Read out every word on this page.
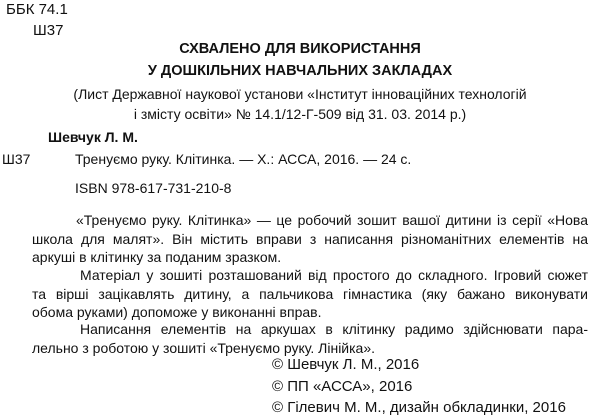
ББК 74.1
Ш37
СХВАЛЕНО ДЛЯ ВИКОРИСТАННЯ
У ДОШКІЛЬНИХ НАВЧАЛЬНИХ ЗАКЛАДАХ
(Лист Державної наукової установи «Інститут інноваційних технологій
і змісту освіти» № 14.1/12-Г-509 від 31. 03. 2014 р.)
Шевчук Л. М.
Ш37	Тренуємо руку. Клітинка. — Х.: АССА, 2016. — 24 с.
ISBN 978-617-731-210-8
«Тренуємо руку. Клітинка» — це робочий зошит вашої дитини із серії «Нова
школа для малят». Він містить вправи з написання різноманітних елементів на
аркуші в клітинку за поданим зразком.
Матеріал у зошиті розташований від простого до складного. Ігровий сюжет
та вірші зацікавлять дитину, а пальчикова гімнастика (яку бажано виконувати
обома руками) допоможе у виконанні вправ.
Написання елементів на аркушах в клітинку радимо здійснювати пара-
лельно з роботою у зошиті «Тренуємо руку. Лінійка».
© Шевчук Л. М., 2016
© ПП «АССА», 2016
© Гілевич М. М., дизайн обкладинки, 2016
